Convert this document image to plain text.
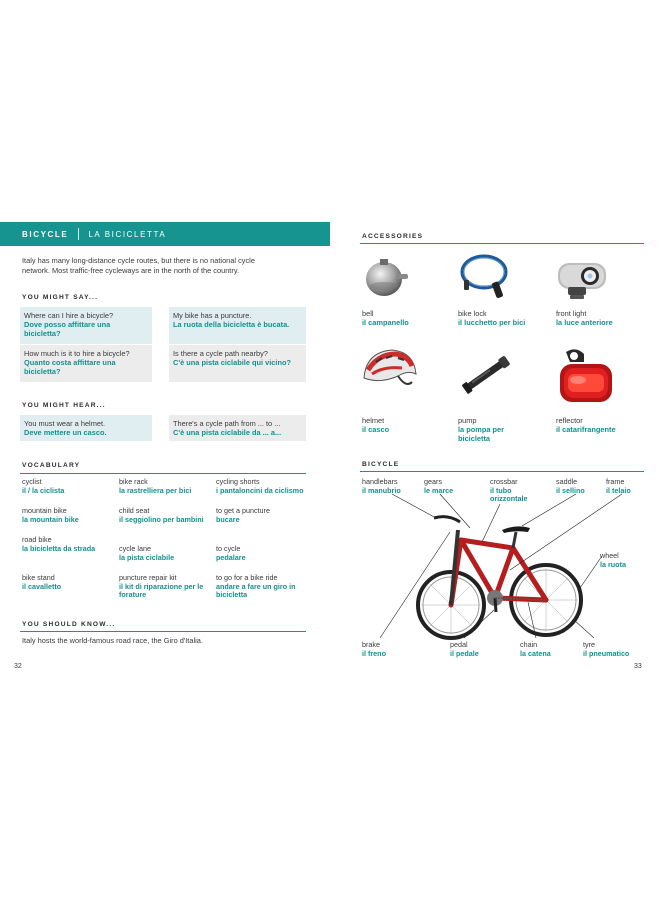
BICYCLE	LA BICICLETTA

Italy has many long-distance cycle routes, but there is no national cycle network. Most traffic-free cycleways are in the north of the country.

YOU MIGHT SAY...
Where can I hire a bicycle?
Dove posso affittare una bicicletta?
My bike has a puncture.
La ruota della bicicletta è bucata.
How much is it to hire a bicycle?
Quanto costa affittare una bicicletta?
Is there a cycle path nearby?
C'è una pista ciclabile qui vicino?
YOU MIGHT HEAR...
You must wear a helmet.
Deve mettere un casco.
There's a cycle path from ... to ...
C'è una pista ciclabile da ... a...
VOCABULARY
cyclist
il / la ciclista
bike rack
la rastrelliera per bici
cycling shorts
i pantaloncini da ciclismo
mountain bike
la mountain bike
child seat
il seggiolino per bambini
to get a puncture
bucare
road bike
la bicicletta da strada	cycle lane
la pista ciclabile
to cycle
pedalare
bike stand
il cavalletto
puncture repair kit
il kit di riparazione per le forature
to go for a bike ride
andare a fare un giro in bicicletta
YOU SHOULD KNOW...
Italy hosts the world-famous road race, the Giro d'Italia.
32
ACCESSORIES
bell
il campanello
bike lock
il lucchetto per bici
front light
la luce anteriore
helmet
il casco
pump
la pompa per bicicletta
reflector
il catarifrangente
BICYCLE
handlebars
il manubrio
gears
le marce
crossbar
il tubo orizzontale
saddle
il sellino
frame
il telaio
wheel
la ruota
brake
il freno
pedal
il pedale
chain
la catena
tyre
il pneumatico
33
